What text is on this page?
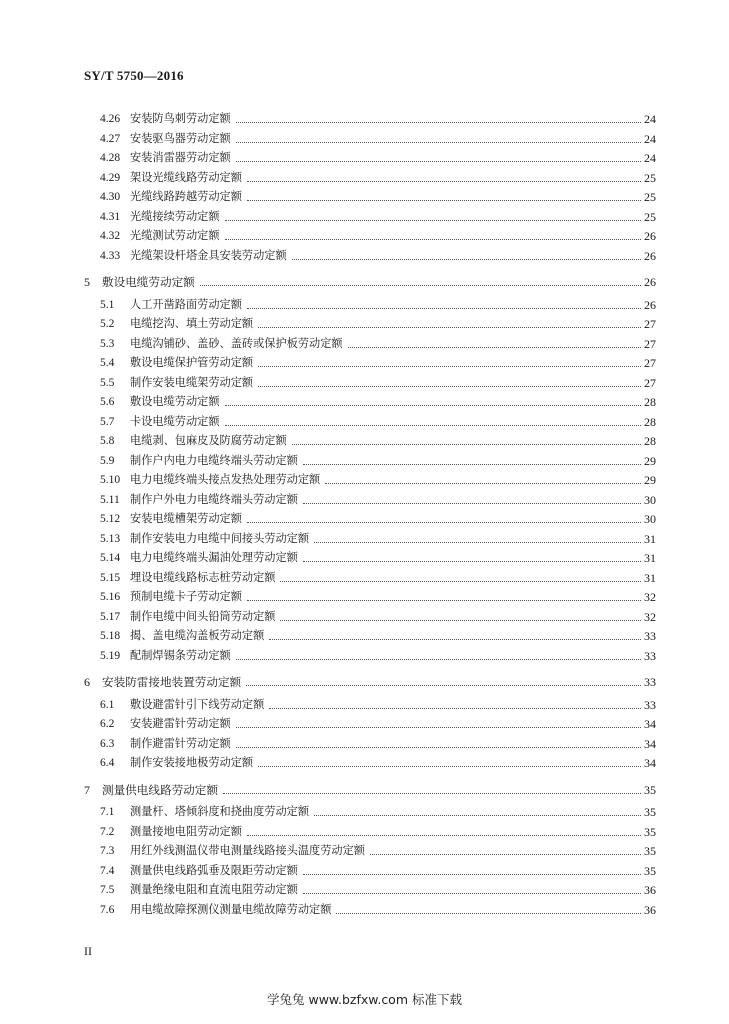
SY/T 5750—2016
4.26 安装防鸟刺劳动定额	24
4.27 安装驱鸟器劳动定额	24
4.28 安装消雷器劳动定额	24
4.29 架设光缆线路劳动定额	25
4.30 光缆线路跨越劳动定额	25
4.31 光缆接续劳动定额	25
4.32 光缆测试劳动定额	26
4.33 光缆架设杆塔金具安装劳动定额	26
5	敷设电缆劳动定额	26
5.1	人工开凿路面劳动定额	26
5.2	电缆挖沟、填土劳动定额	27
5.3	电缆沟铺砂、盖砂、盖砖或保护板劳动定额	27
5.4	敷设电缆保护管劳动定额	27
5.5	制作安装电缆架劳动定额	27
5.6	敷设电缆劳动定额	28
5.7	卡设电缆劳动定额	28
5.8	电缆剥、包麻皮及防腐劳动定额	28
5.9	制作户内电力电缆终端头劳动定额	29
5.10 电力电缆终端头接点发热处理劳动定额	29
5.11 制作户外电力电缆终端头劳动定额	30
5.12 安装电缆槽架劳动定额	30
5.13 制作安装电力电缆中间接头劳动定额	31
5.14 电力电缆终端头漏油处理劳动定额	31
5.15 埋设电缆线路标志桩劳动定额	31
5.16 预制电缆卡子劳动定额	32
5.17 制作电缆中间头铅筒劳动定额	32
5.18 揭、盖电缆沟盖板劳动定额	33
5.19 配制焊锡条劳动定额	33
6	安装防雷接地装置劳动定额	33
6.1	敷设避雷针引下线劳动定额	33
6.2	安装避雷针劳动定额	34
6.3	制作避雷针劳动定额	34
6.4	制作安装接地极劳动定额	34
7	测量供电线路劳动定额	35
7.1	测量杆、塔倾斜度和挠曲度劳动定额	35
7.2	测量接地电阻劳动定额	35
7.3	用红外线测温仪带电测量线路接头温度劳动定额	35
7.4	测量供电线路弧垂及限距劳动定额	35
7.5	测量绝缘电阻和直流电阻劳动定额	36
7.6	用电缆故障探测仪测量电缆故障劳动定额	36
II
学兔兔 www.bzfxw.com 标准下载
